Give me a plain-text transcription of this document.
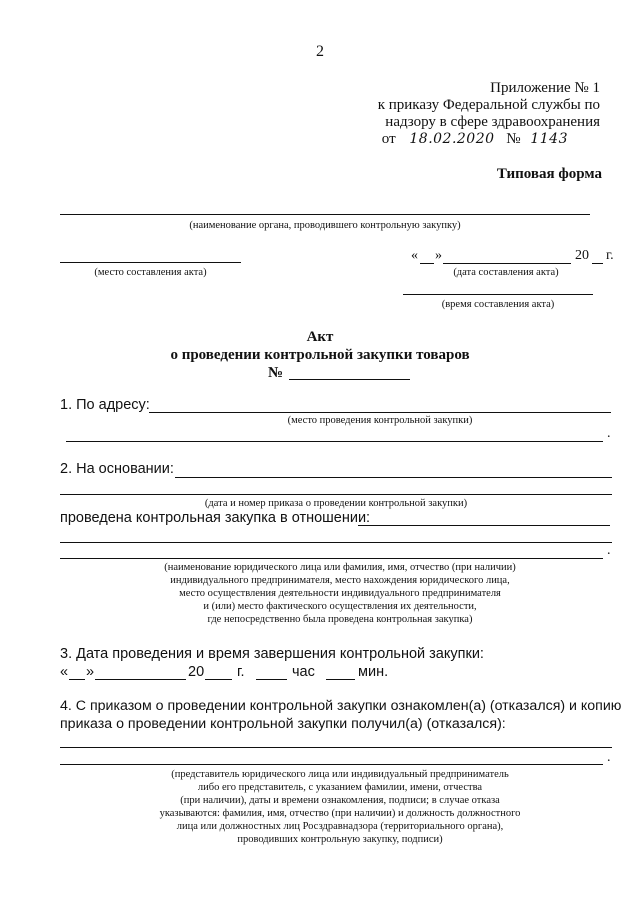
2
Приложение № 1
к приказу Федеральной службы по
надзору в сфере здравоохранения
от 18.02.2020 № 1143
Типовая форма
(наименование органа, проводившего контрольную закупку)
(место составления акта)
« »	20 г.
(дата составления акта)
(время составления акта)
Акт
о проведении контрольной закупки товаров
№
1. По адресу:
(место проведения контрольной закупки)
.
2. На основании:
(дата и номер приказа о проведении контрольной закупки)
проведена контрольная закупка в отношении:
.
(наименование юридического лица или фамилия, имя, отчество (при наличии)
индивидуального предпринимателя, место нахождения юридического лица,
место осуществления деятельности индивидуального предпринимателя
и (или) место фактического осуществления их деятельности,
где непосредственно была проведена контрольная закупка)
3. Дата проведения и время завершения контрольной закупки:
« »	20 г.	час	мин.
4. С приказом о проведении контрольной закупки ознакомлен(а) (отказался) и копию
приказа о проведении контрольной закупки получил(а) (отказался):
.
(представитель юридического лица или индивидуальный предприниматель
либо его представитель, с указанием фамилии, имени, отчества
(при наличии), даты и времени ознакомления, подписи; в случае отказа
указываются: фамилия, имя, отчество (при наличии) и должность должностного
лица или должностных лиц Росздравнадзора (территориального органа),
проводивших контрольную закупку, подписи)
